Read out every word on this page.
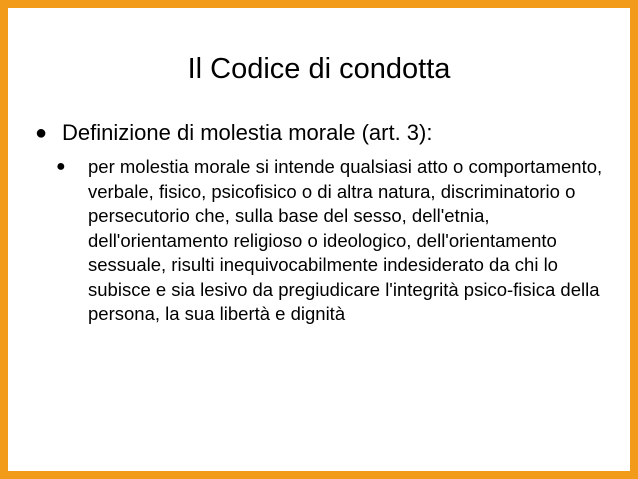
Il Codice di condotta
● Definizione di molestia morale (art. 3):
●	per molestia morale si intende qualsiasi atto o comportamento, verbale, fisico, psicofisico o di altra natura, discriminatorio o persecutorio che, sulla base del sesso, dell'etnia, dell'orientamento religioso o ideologico, dell'orientamento sessuale, risulti inequivocabilmente indesiderato da chi lo subisce e sia lesivo da pregiudicare l'integrità psico-fisica della persona, la sua libertà e dignità
